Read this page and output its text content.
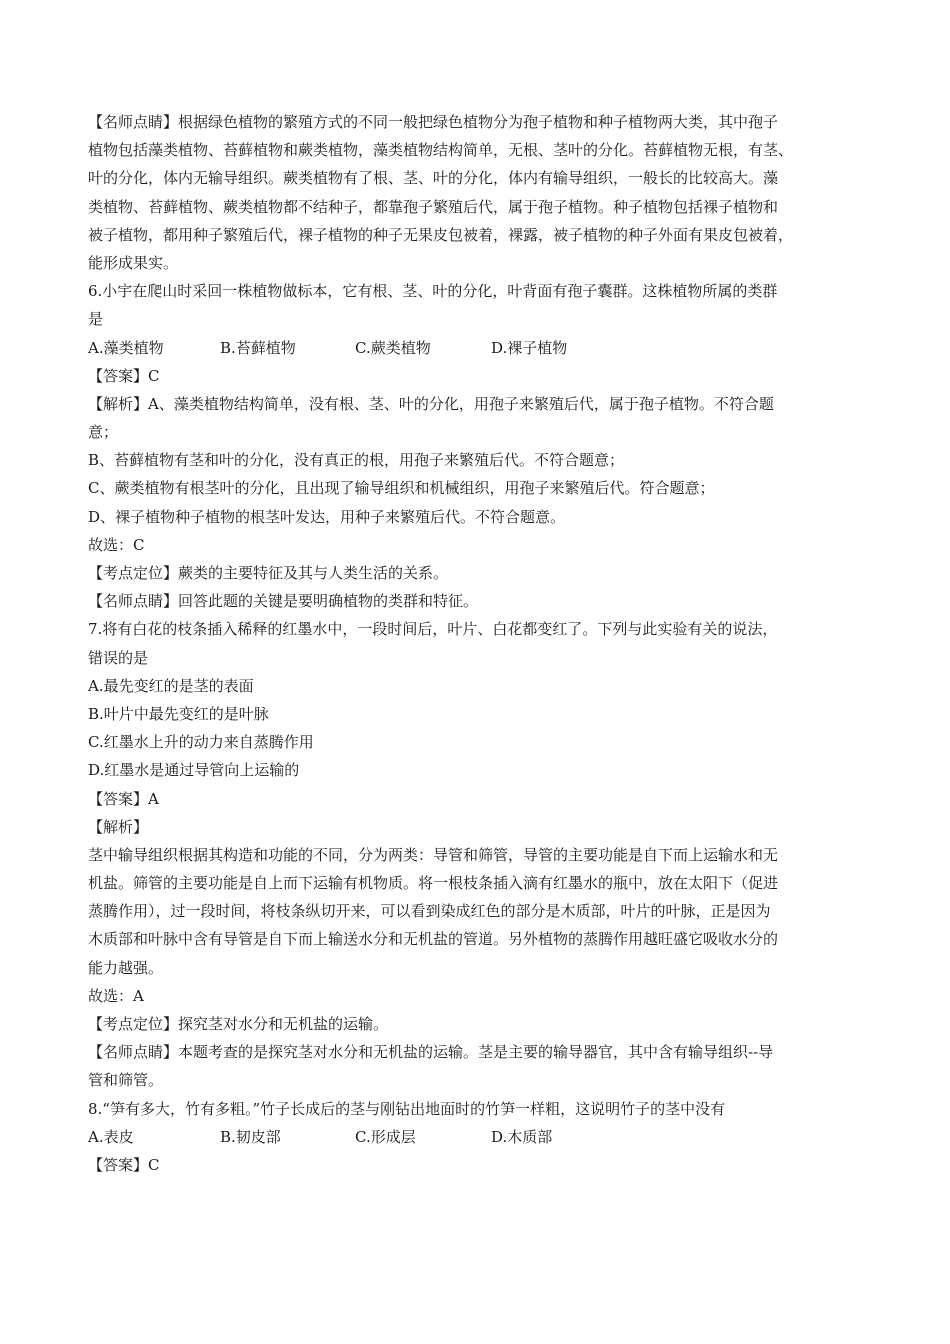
【名师点睛】根据绿色植物的繁殖方式的不同一般把绿色植物分为孢子植物和种子植物两大类，其中孢子
植物包括藻类植物、苔藓植物和蕨类植物，藻类植物结构简单，无根、茎叶的分化。苔藓植物无根，有茎、
叶的分化，体内无输导组织。蕨类植物有了根、茎、叶的分化，体内有输导组织，一般长的比较高大。藻
类植物、苔藓植物、蕨类植物都不结种子，都靠孢子繁殖后代，属于孢子植物。种子植物包括裸子植物和
被子植物，都用种子繁殖后代，裸子植物的种子无果皮包被着，裸露，被子植物的种子外面有果皮包被着，
能形成果实。
6.小宇在爬山时采回一株植物做标本，它有根、茎、叶的分化，叶背面有孢子囊群。这株植物所属的类群
是
A.藻类植物	B.苔藓植物	C.蕨类植物	D.裸子植物
【答案】C
【解析】A、藻类植物结构简单，没有根、茎、叶的分化，用孢子来繁殖后代，属于孢子植物。不符合题
意；
B、苔藓植物有茎和叶的分化，没有真正的根，用孢子来繁殖后代。不符合题意；
C、蕨类植物有根茎叶的分化，且出现了输导组织和机械组织，用孢子来繁殖后代。符合题意；
D、裸子植物种子植物的根茎叶发达，用种子来繁殖后代。不符合题意。
故选：C
【考点定位】蕨类的主要特征及其与人类生活的关系。
【名师点睛】回答此题的关键是要明确植物的类群和特征。
7.将有白花的枝条插入稀释的红墨水中，一段时间后，叶片、白花都变红了。下列与此实验有关的说法，
错误的是
A.最先变红的是茎的表面
B.叶片中最先变红的是叶脉
C.红墨水上升的动力来自蒸腾作用
D.红墨水是通过导管向上运输的
【答案】A
【解析】
茎中输导组织根据其构造和功能的不同，分为两类：导管和筛管，导管的主要功能是自下而上运输水和无
机盐。筛管的主要功能是自上而下运输有机物质。将一根枝条插入滴有红墨水的瓶中，放在太阳下（促进
蒸腾作用），过一段时间，将枝条纵切开来，可以看到染成红色的部分是木质部，叶片的叶脉，正是因为
木质部和叶脉中含有导管是自下而上输送水分和无机盐的管道。另外植物的蒸腾作用越旺盛它吸收水分的
能力越强。
故选：A
【考点定位】探究茎对水分和无机盐的运输。
【名师点睛】本题考查的是探究茎对水分和无机盐的运输。茎是主要的输导器官，其中含有输导组织--导
管和筛管。
8.“笋有多大，竹有多粗。”竹子长成后的茎与刚钻出地面时的竹笋一样粗，这说明竹子的茎中没有
A.表皮	B.韧皮部	C.形成层	D.木质部
【答案】C
